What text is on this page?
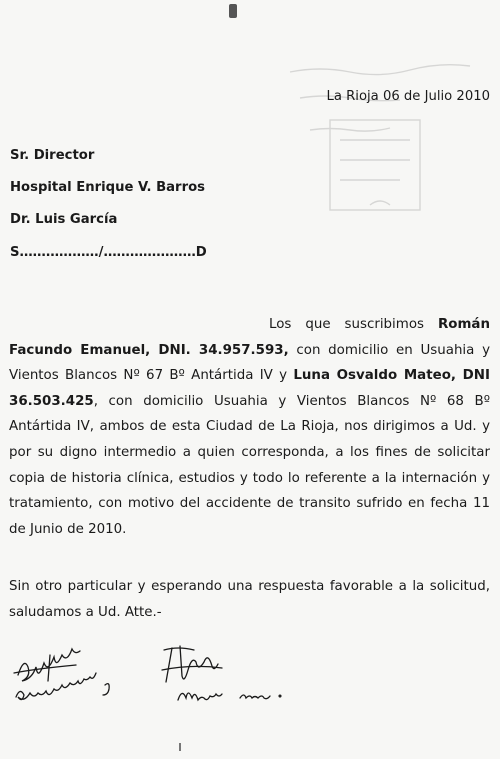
La Rioja 06 de Julio 2010

Sr. Director

Hospital Enrique V. Barros

Dr. Luis García

S………………/…………………D

Los que suscribimos Román Facundo Emanuel, DNI. 34.957.593, con domicilio en Usuahia y Vientos Blancos Nº 67 Bº Antártida IV y Luna Osvaldo Mateo, DNI 36.503.425, con domicilio Usuahia y Vientos Blancos Nº 68 Bº Antártida IV, ambos de esta Ciudad de La Rioja, nos dirigimos a Ud. y por su digno intermedio a quien corresponda, a los fines de solicitar copia de historia clínica, estudios y todo lo referente a la internación y tratamiento, con motivo del accidente de transito sufrido en fecha 11 de Junio de 2010.

Sin otro particular y esperando una respuesta favorable a la solicitud, saludamos a Ud. Atte.-
